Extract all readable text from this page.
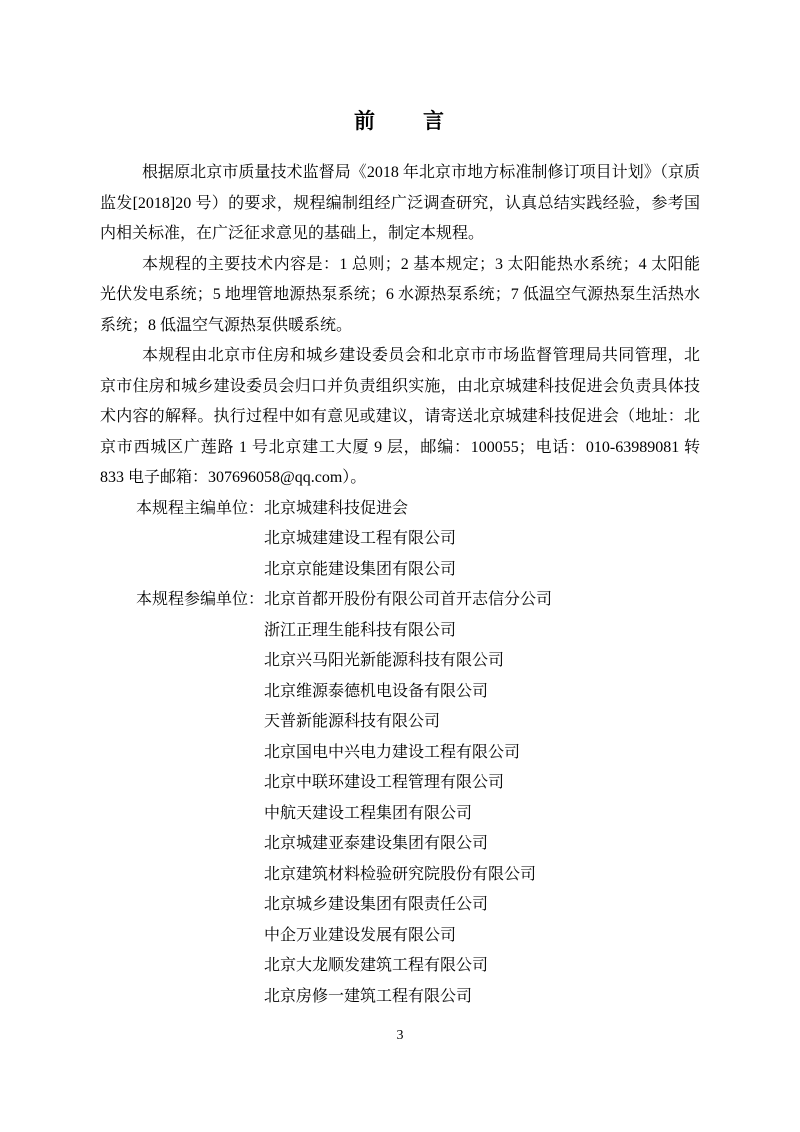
前　　言

根据原北京市质量技术监督局《2018 年北京市地方标准制修订项目计划》（京质监发[2018]20 号）的要求，规程编制组经广泛调查研究，认真总结实践经验，参考国内相关标准，在广泛征求意见的基础上，制定本规程。

本规程的主要技术内容是：1 总则；2 基本规定；3 太阳能热水系统；4 太阳能光伏发电系统；5 地埋管地源热泵系统；6 水源热泵系统；7 低温空气源热泵生活热水系统；8 低温空气源热泵供暖系统。

本规程由北京市住房和城乡建设委员会和北京市市场监督管理局共同管理，北京市住房和城乡建设委员会归口并负责组织实施，由北京城建科技促进会负责具体技术内容的解释。执行过程中如有意见或建议，请寄送北京城建科技促进会（地址：北京市西城区广莲路 1 号北京建工大厦 9 层，邮编：100055；电话：010-63989081 转 833 电子邮箱：307696058@qq.com）。

本规程主编单位： 北京城建科技促进会
北京城建建设工程有限公司
北京京能建设集团有限公司
本规程参编单位： 北京首都开股份有限公司首开志信分公司
浙江正理生能科技有限公司
北京兴马阳光新能源科技有限公司
北京维源泰德机电设备有限公司
天普新能源科技有限公司
北京国电中兴电力建设工程有限公司
北京中联环建设工程管理有限公司
中航天建设工程集团有限公司
北京城建亚泰建设集团有限公司
北京建筑材料检验研究院股份有限公司
北京城乡建设集团有限责任公司
中企万业建设发展有限公司
北京大龙顺发建筑工程有限公司
北京房修一建筑工程有限公司
3
